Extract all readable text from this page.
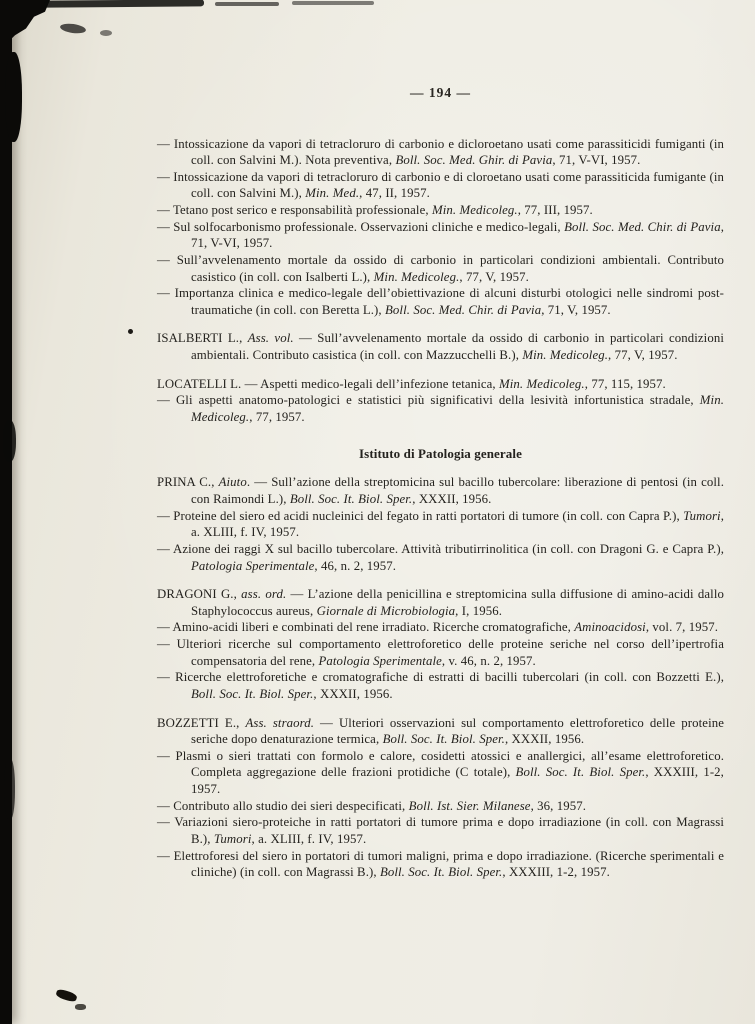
— 194 —

— Intossicazione da vapori di tetracloruro di carbonio e dicloroetano usati come parassiticidi fumiganti (in coll. con Salvini M.). Nota preventiva, Boll. Soc. Med. Ghir. di Pavia, 71, V-VI, 1957.

— Intossicazione da vapori di tetracloruro di carbonio e di cloroetano usati come parassiticida fumigante (in coll. con Salvini M.), Min. Med., 47, II, 1957.

— Tetano post serico e responsabilità professionale, Min. Medicoleg., 77, III, 1957.

— Sul solfocarbonismo professionale. Osservazioni cliniche e medico-legali, Boll. Soc. Med. Chir. di Pavia, 71, V-VI, 1957.

— Sull’avvelenamento mortale da ossido di carbonio in particolari condizioni ambientali. Contributo casistico (in coll. con Isalberti L.), Min. Medicoleg., 77, V, 1957.

— Importanza clinica e medico-legale dell’obiettivazione di alcuni disturbi otologici nelle sindromi post-traumatiche (in coll. con Beretta L.), Boll. Soc. Med. Chir. di Pavia, 71, V, 1957.

ISALBERTI L., Ass. vol. — Sull’avvelenamento mortale da ossido di carbonio in particolari condizioni ambientali. Contributo casistica (in coll. con Mazzucchelli B.), Min. Medicoleg., 77, V, 1957.

LOCATELLI L. — Aspetti medico-legali dell’infezione tetanica, Min. Medicoleg., 77, 115, 1957.

— Gli aspetti anatomo-patologici e statistici più significativi della lesività infortunistica stradale, Min. Medicoleg., 77, 1957.

Istituto di Patologia generale

PRINA C., Aiuto. — Sull’azione della streptomicina sul bacillo tubercolare: liberazione di pentosi (in coll. con Raimondi L.), Boll. Soc. It. Biol. Sper., XXXII, 1956.

— Proteine del siero ed acidi nucleinici del fegato in ratti portatori di tumore (in coll. con Capra P.), Tumori, a. XLIII, f. IV, 1957.

— Azione dei raggi X sul bacillo tubercolare. Attività tributirrinolitica (in coll. con Dragoni G. e Capra P.), Patologia Sperimentale, 46, n. 2, 1957.

DRAGONI G., ass. ord. — L’azione della penicillina e streptomicina sulla diffusione di amino-acidi dallo Staphylococcus aureus, Giornale di Microbiologia, I, 1956.

— Amino-acidi liberi e combinati del rene irradiato. Ricerche cromatografiche, Aminoacidosi, vol. 7, 1957.

— Ulteriori ricerche sul comportamento elettroforetico delle proteine seriche nel corso dell’ipertrofia compensatoria del rene, Patologia Sperimentale, v. 46, n. 2, 1957.

— Ricerche elettroforetiche e cromatografiche di estratti di bacilli tubercolari (in coll. con Bozzetti E.), Boll. Soc. It. Biol. Sper., XXXII, 1956.

BOZZETTI E., Ass. straord. — Ulteriori osservazioni sul comportamento elettroforetico delle proteine seriche dopo denaturazione termica, Boll. Soc. It. Biol. Sper., XXXII, 1956.

— Plasmi o sieri trattati con formolo e calore, cosidetti atossici e anallergici, all’esame elettroforetico. Completa aggregazione delle frazioni protidiche (C totale), Boll. Soc. It. Biol. Sper., XXXIII, 1-2, 1957.

— Contributo allo studio dei sieri despecificati, Boll. Ist. Sier. Milanese, 36, 1957.

— Variazioni siero-proteiche in ratti portatori di tumore prima e dopo irradiazione (in coll. con Magrassi B.), Tumori, a. XLIII, f. IV, 1957.

— Elettroforesi del siero in portatori di tumori maligni, prima e dopo irradiazione. (Ricerche sperimentali e cliniche) (in coll. con Magrassi B.), Boll. Soc. It. Biol. Sper., XXXIII, 1-2, 1957.
